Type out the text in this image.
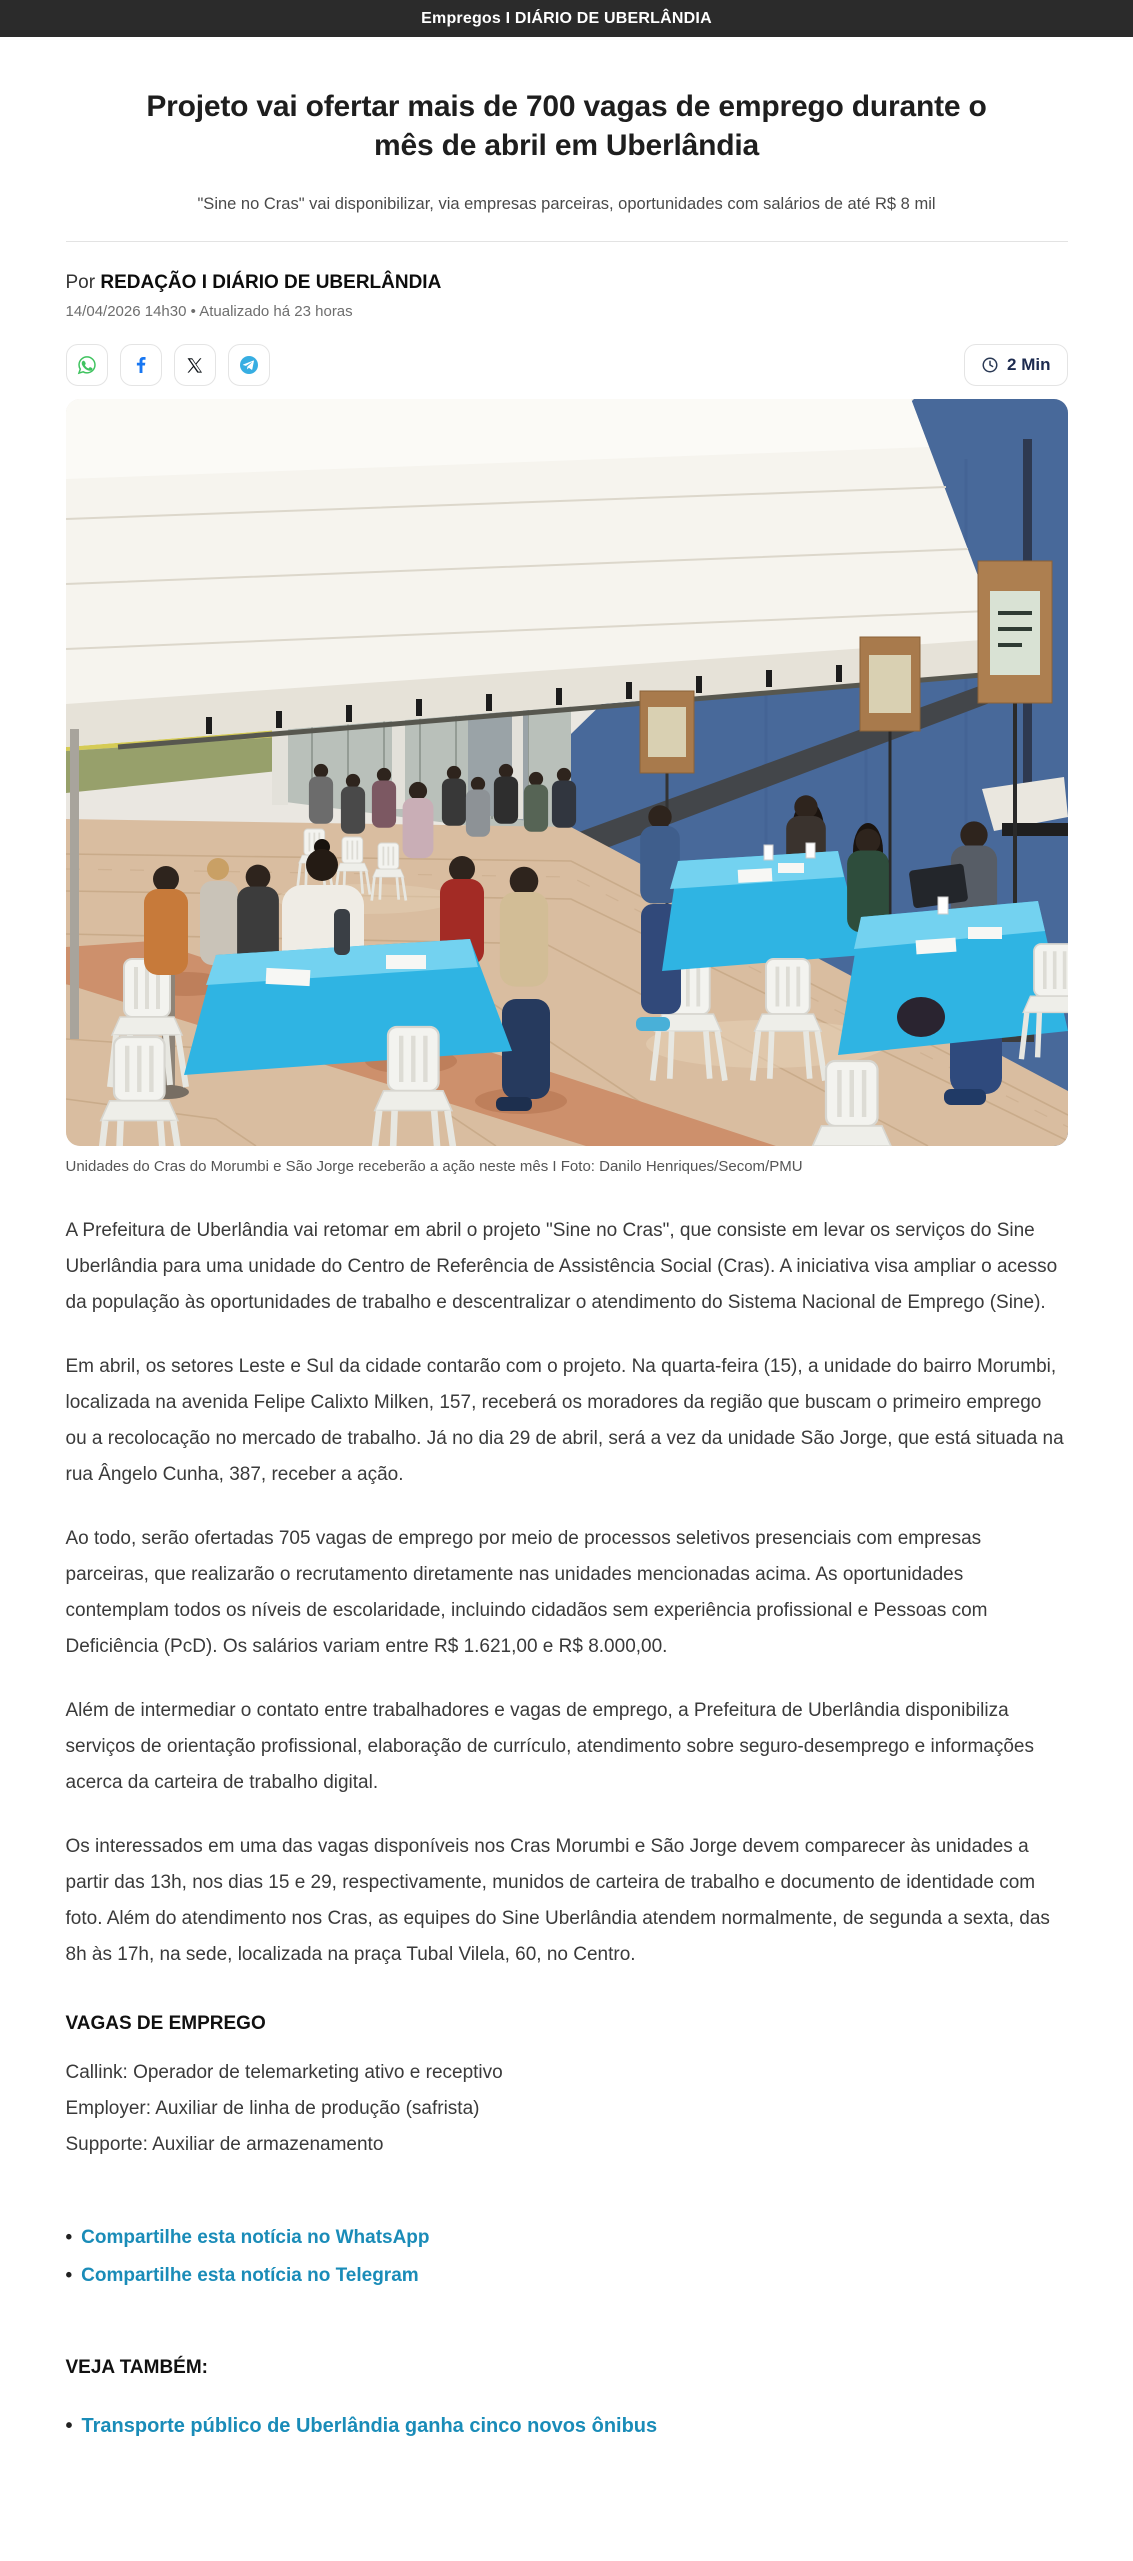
Empregos I DIÁRIO DE UBERLÂNDIA
Projeto vai ofertar mais de 700 vagas de emprego durante o mês de abril em Uberlândia

"Sine no Cras" vai disponibilizar, via empresas parceiras, oportunidades com salários de até R$ 8 mil

Por REDAÇÃO I DIÁRIO DE UBERLÂNDIA
14/04/2026 14h30 • Atualizado há 23 horas
2 Min
Unidades do Cras do Morumbi e São Jorge receberão a ação neste mês I Foto: Danilo Henriques/Secom/PMU

A Prefeitura de Uberlândia vai retomar em abril o projeto "Sine no Cras", que consiste em levar os serviços do Sine Uberlândia para uma unidade do Centro de Referência de Assistência Social (Cras). A iniciativa visa ampliar o acesso da população às oportunidades de trabalho e descentralizar o atendimento do Sistema Nacional de Emprego (Sine).

Em abril, os setores Leste e Sul da cidade contarão com o projeto. Na quarta-feira (15), a unidade do bairro Morumbi, localizada na avenida Felipe Calixto Milken, 157, receberá os moradores da região que buscam o primeiro emprego ou a recolocação no mercado de trabalho. Já no dia 29 de abril, será a vez da unidade São Jorge, que está situada na rua Ângelo Cunha, 387, receber a ação.

Ao todo, serão ofertadas 705 vagas de emprego por meio de processos seletivos presenciais com empresas parceiras, que realizarão o recrutamento diretamente nas unidades mencionadas acima. As oportunidades contemplam todos os níveis de escolaridade, incluindo cidadãos sem experiência profissional e Pessoas com Deficiência (PcD). Os salários variam entre R$ 1.621,00 e R$ 8.000,00.

Além de intermediar o contato entre trabalhadores e vagas de emprego, a Prefeitura de Uberlândia disponibiliza serviços de orientação profissional, elaboração de currículo, atendimento sobre seguro-desemprego e informações acerca da carteira de trabalho digital.

Os interessados em uma das vagas disponíveis nos Cras Morumbi e São Jorge devem comparecer às unidades a partir das 13h, nos dias 15 e 29, respectivamente, munidos de carteira de trabalho e documento de identidade com foto. Além do atendimento nos Cras, as equipes do Sine Uberlândia atendem normalmente, de segunda a sexta, das 8h às 17h, na sede, localizada na praça Tubal Vilela, 60, no Centro.

VAGAS DE EMPREGO
Callink: Operador de telemarketing ativo e receptivo
Employer: Auxiliar de linha de produção (safrista)
Supporte: Auxiliar de armazenamento
• Compartilhe esta notícia no WhatsApp
• Compartilhe esta notícia no Telegram
VEJA TAMBÉM:
• Transporte público de Uberlândia ganha cinco novos ônibus
